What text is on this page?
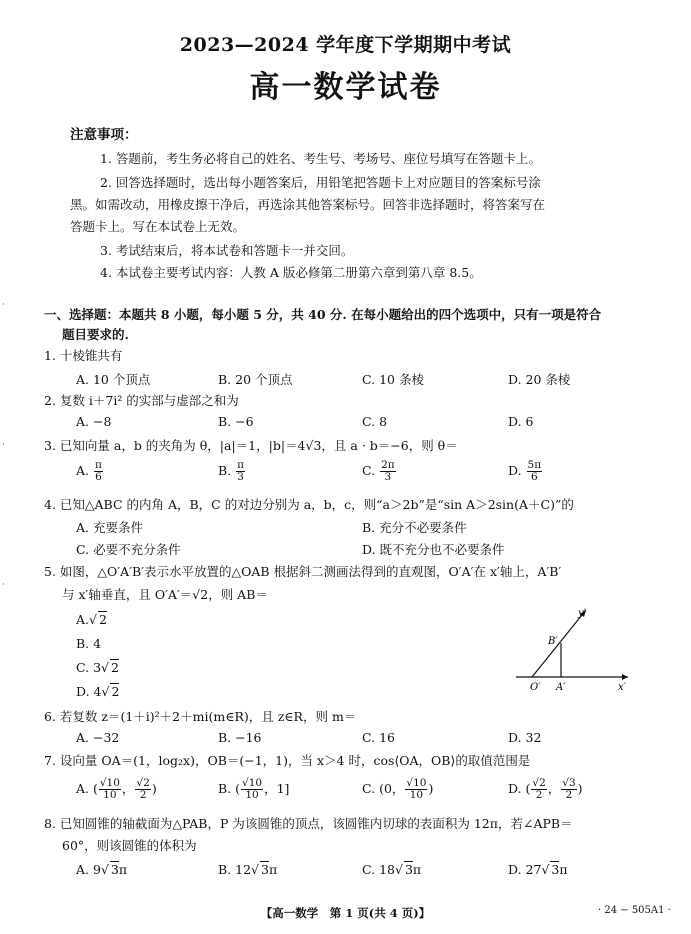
2023—2024 学年度下学期期中考试
高一数学试卷
注意事项：
1. 答题前，考生务必将自己的姓名、考生号、考场号、座位号填写在答题卡上。
2. 回答选择题时，选出每小题答案后，用铅笔把答题卡上对应题目的答案标号涂
黑。如需改动，用橡皮擦干净后，再选涂其他答案标号。回答非选择题时，将答案写在
答题卡上。写在本试卷上无效。
3. 考试结束后，将本试卷和答题卡一并交回。
4. 本试卷主要考试内容：人教 A 版必修第二册第六章到第八章 8.5。
一、选择题：本题共 8 小题，每小题 5 分，共 40 分. 在每小题给出的四个选项中，只有一项是符合
题目要求的.
1. 十棱锥共有
A. 10 个顶点	B. 20 个顶点	C. 10 条棱	D. 20 条棱
2. 复数 i＋7i² 的实部与虚部之和为
A. −8	B. −6	C. 8	D. 6
3. 已知向量 a，b 的夹角为 θ，|a|＝1，|b|＝4√3，且 a · b＝−6，则 θ＝
A. $\frac{\pi}{6}$	B. $\frac{\pi}{3}$	C. $\frac{2\pi}{3}$	D. $\frac{5\pi}{6}$
4. 已知△ABC 的内角 A，B，C 的对边分别为 a，b，c，则“a＞2b”是“sin A＞2sin(A＋C)”的
A. 充要条件	B. 充分不必要条件
C. 必要不充分条件	D. 既不充分也不必要条件
5. 如图，△O′A′B′表示水平放置的△OAB 根据斜二测画法得到的直观图，O′A′在 x′轴上，A′B′
与 x′轴垂直，且 O′A′＝√2，则 AB＝
A.√ 2
B. 4
C. 3√ 2
D. 4√ 2
y′
B′
O′ A′	x′
6. 若复数 z＝(1＋i)²＋2＋mi(m∈R)，且 z∈R，则 m＝
A. −32	B. −16	C. 16	D. 32
7. 设向量 OA＝(1，log₂x)，OB＝(−1，1)，当 x＞4 时，cos⟨OA，OB⟩的取值范围是
A. ( $\frac{√10}{10}$ ， $\frac{√2}{2}$ )	B. ( $\frac{√10}{10}$ ，1]	C. (0， $\frac{√10}{10}$ )	D. ( $\frac{√2}{2}$ ， $\frac{√3}{2}$ )
8. 已知圆锥的轴截面为△PAB，P 为该圆锥的顶点，该圆锥内切球的表面积为 12π，若∠APB＝
60°，则该圆锥的体积为
A. 9√ 3π	B. 12√ 3π	C. 18√ 3π	D. 27√ 3π
【高一数学　第 1 页(共 4 页)】	· 24 − 505A1 ·
·
·
·
